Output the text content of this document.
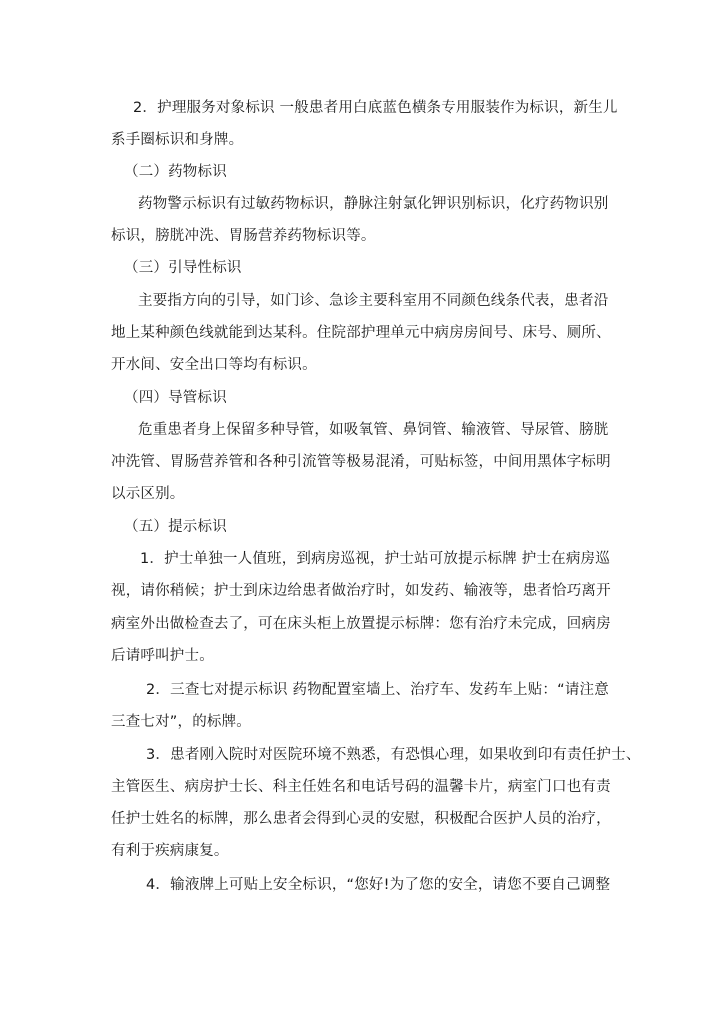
2．护理服务对象标识 一般患者用白底蓝色横条专用服装作为标识，新生儿
系手圈标识和身牌。
（二）药物标识
药物警示标识有过敏药物标识，静脉注射氯化钾识别标识，化疗药物识别
标识，膀胱冲洗、胃肠营养药物标识等。
（三）引导性标识
主要指方向的引导，如门诊、急诊主要科室用不同颜色线条代表，患者沿
地上某种颜色线就能到达某科。住院部护理单元中病房房间号、床号、厕所、
开水间、安全出口等均有标识。
（四）导管标识
危重患者身上保留多种导管，如吸氧管、鼻饲管、输液管、导尿管、膀胱
冲洗管、胃肠营养管和各种引流管等极易混淆，可贴标签，中间用黑体字标明
以示区别。
（五）提示标识
1．护士单独一人值班，到病房巡视，护士站可放提示标牌 护士在病房巡
视，请你稍候；护士到床边给患者做治疗时，如发药、输液等，患者恰巧离开
病室外出做检查去了，可在床头柜上放置提示标牌：您有治疗未完成，回病房
后请呼叫护士。
2．三查七对提示标识 药物配置室墙上、治疗车、发药车上贴：“请注意
三查七对”，的标牌。
3．患者刚入院时对医院环境不熟悉，有恐惧心理，如果收到印有责任护士、
主管医生、病房护士长、科主任姓名和电话号码的温馨卡片，病室门口也有责
任护士姓名的标牌，那么患者会得到心灵的安慰，积极配合医护人员的治疗，
有利于疾病康复。
4．输液牌上可贴上安全标识，“您好!为了您的安全，请您不要自己调整
